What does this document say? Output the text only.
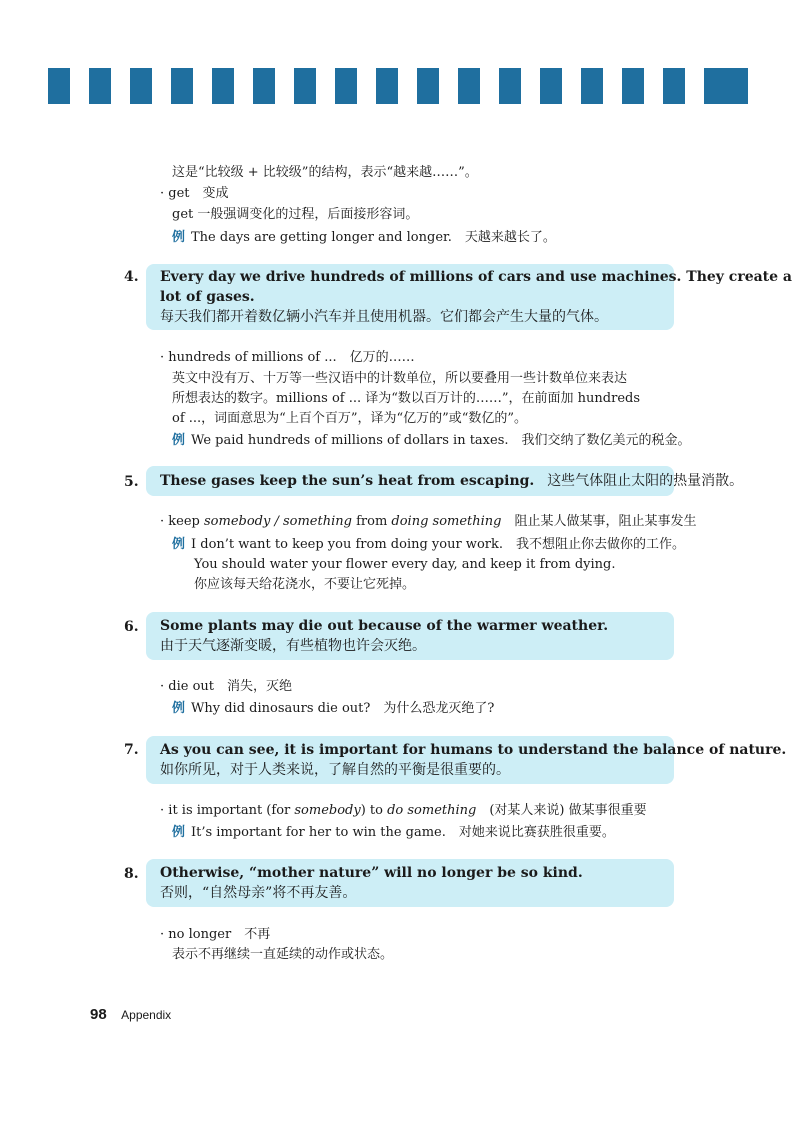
这是“比较级 + 比较级”的结构，表示“越来越……”。
· get　变成
get 一般强调变化的过程，后面接形容词。
例 The days are getting longer and longer.　天越来越长了。
4. Every day we drive hundreds of millions of cars and use machines. They create a
lot of gases.
每天我们都开着数亿辆小汽车并且使用机器。它们都会产生大量的气体。
· hundreds of millions of ...　亿万的……
英文中没有万、十万等一些汉语中的计数单位，所以要叠用一些计数单位来表达
所想表达的数字。millions of ... 译为“数以百万计的……”，在前面加 hundreds
of ...，词面意思为“上百个百万”，译为“亿万的”或“数亿的”。
例 We paid hundreds of millions of dollars in taxes.　我们交纳了数亿美元的税金。
5. These gases keep the sun’s heat from escaping. 这些气体阻止太阳的热量消散。
· keep somebody / something from doing something　阻止某人做某事，阻止某事发生
例 I don’t want to keep you from doing your work.　我不想阻止你去做你的工作。
You should water your flower every day, and keep it from dying.
你应该每天给花浇水，不要让它死掉。
6. Some plants may die out because of the warmer weather.
由于天气逐渐变暖，有些植物也许会灭绝。
· die out　消失，灭绝
例 Why did dinosaurs die out?　为什么恐龙灭绝了?
7. As you can see, it is important for humans to understand the balance of nature.
如你所见，对于人类来说，了解自然的平衡是很重要的。
· it is important (for somebody) to do something　(对某人来说) 做某事很重要
例 It’s important for her to win the game.　对她来说比赛获胜很重要。
8. Otherwise, “mother nature” will no longer be so kind.
否则，“自然母亲”将不再友善。
· no longer　不再
表示不再继续一直延续的动作或状态。
98 Appendix
